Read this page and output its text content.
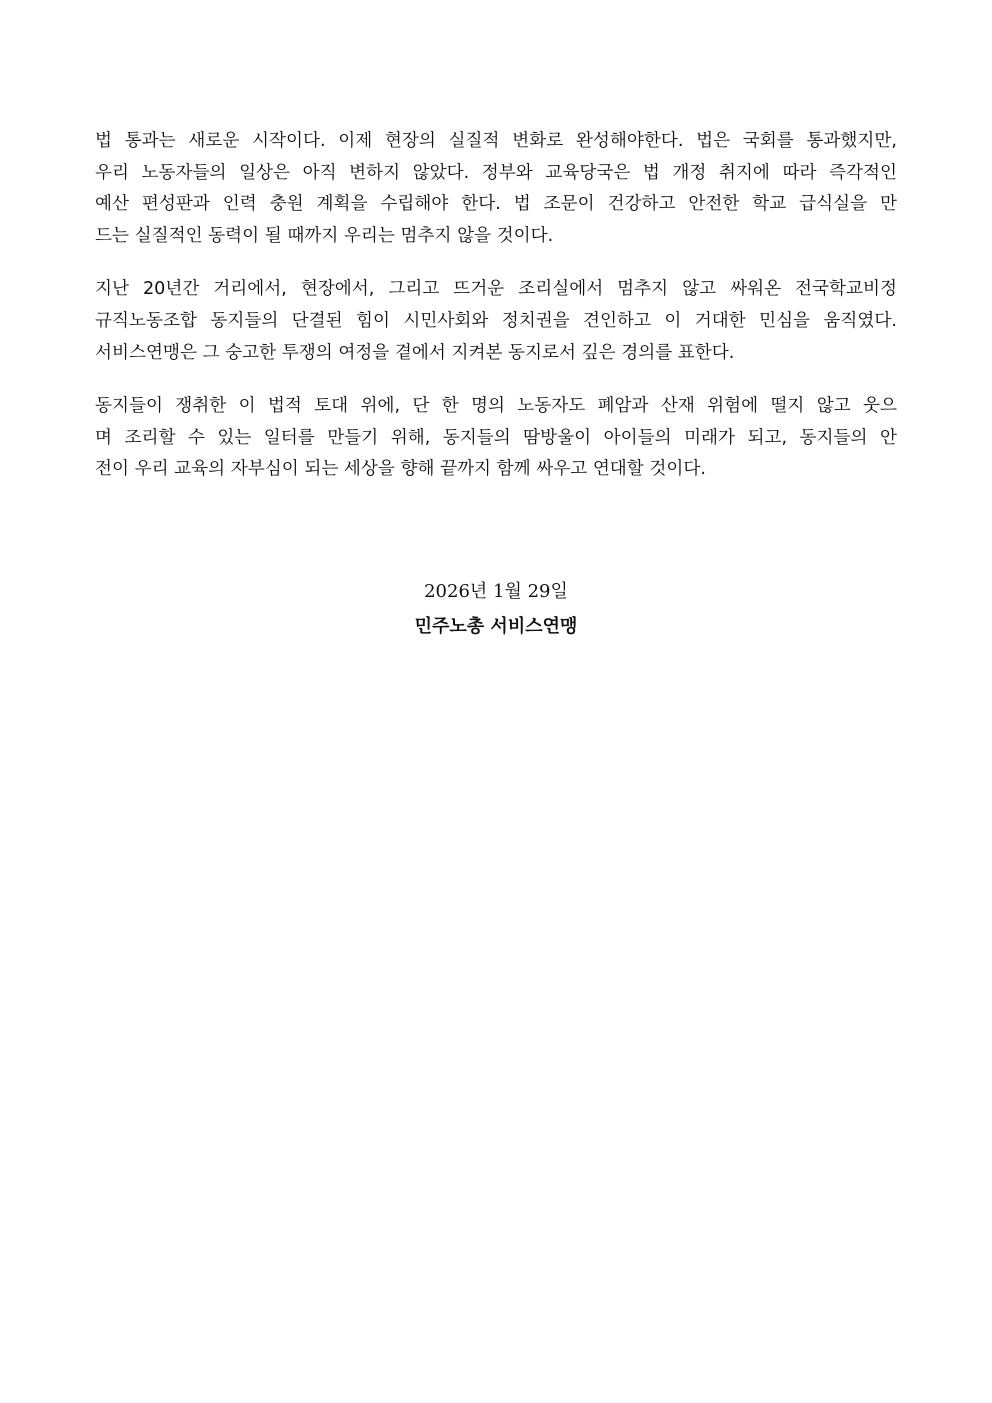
법 통과는 새로운 시작이다. 이제 현장의 실질적 변화로 완성해야한다. 법은 국회를 통과했지만,
우리 노동자들의 일상은 아직 변하지 않았다. 정부와 교육당국은 법 개정 취지에 따라 즉각적인
예산 편성판과 인력 충원 계획을 수립해야 한다. 법 조문이 건강하고 안전한 학교 급식실을 만
드는 실질적인 동력이 될 때까지 우리는 멈추지 않을 것이다.

지난 20년간 거리에서, 현장에서, 그리고 뜨거운 조리실에서 멈추지 않고 싸워온 전국학교비정
규직노동조합 동지들의 단결된 힘이 시민사회와 정치권을 견인하고 이 거대한 민심을 움직였다.
서비스연맹은 그 숭고한 투쟁의 여정을 곁에서 지켜본 동지로서 깊은 경의를 표한다.

동지들이 쟁취한 이 법적 토대 위에, 단 한 명의 노동자도 폐암과 산재 위험에 떨지 않고 웃으
며 조리할 수 있는 일터를 만들기 위해, 동지들의 땀방울이 아이들의 미래가 되고, 동지들의 안
전이 우리 교육의 자부심이 되는 세상을 향해 끝까지 함께 싸우고 연대할 것이다.

2026년 1월 29일
민주노총 서비스연맹
